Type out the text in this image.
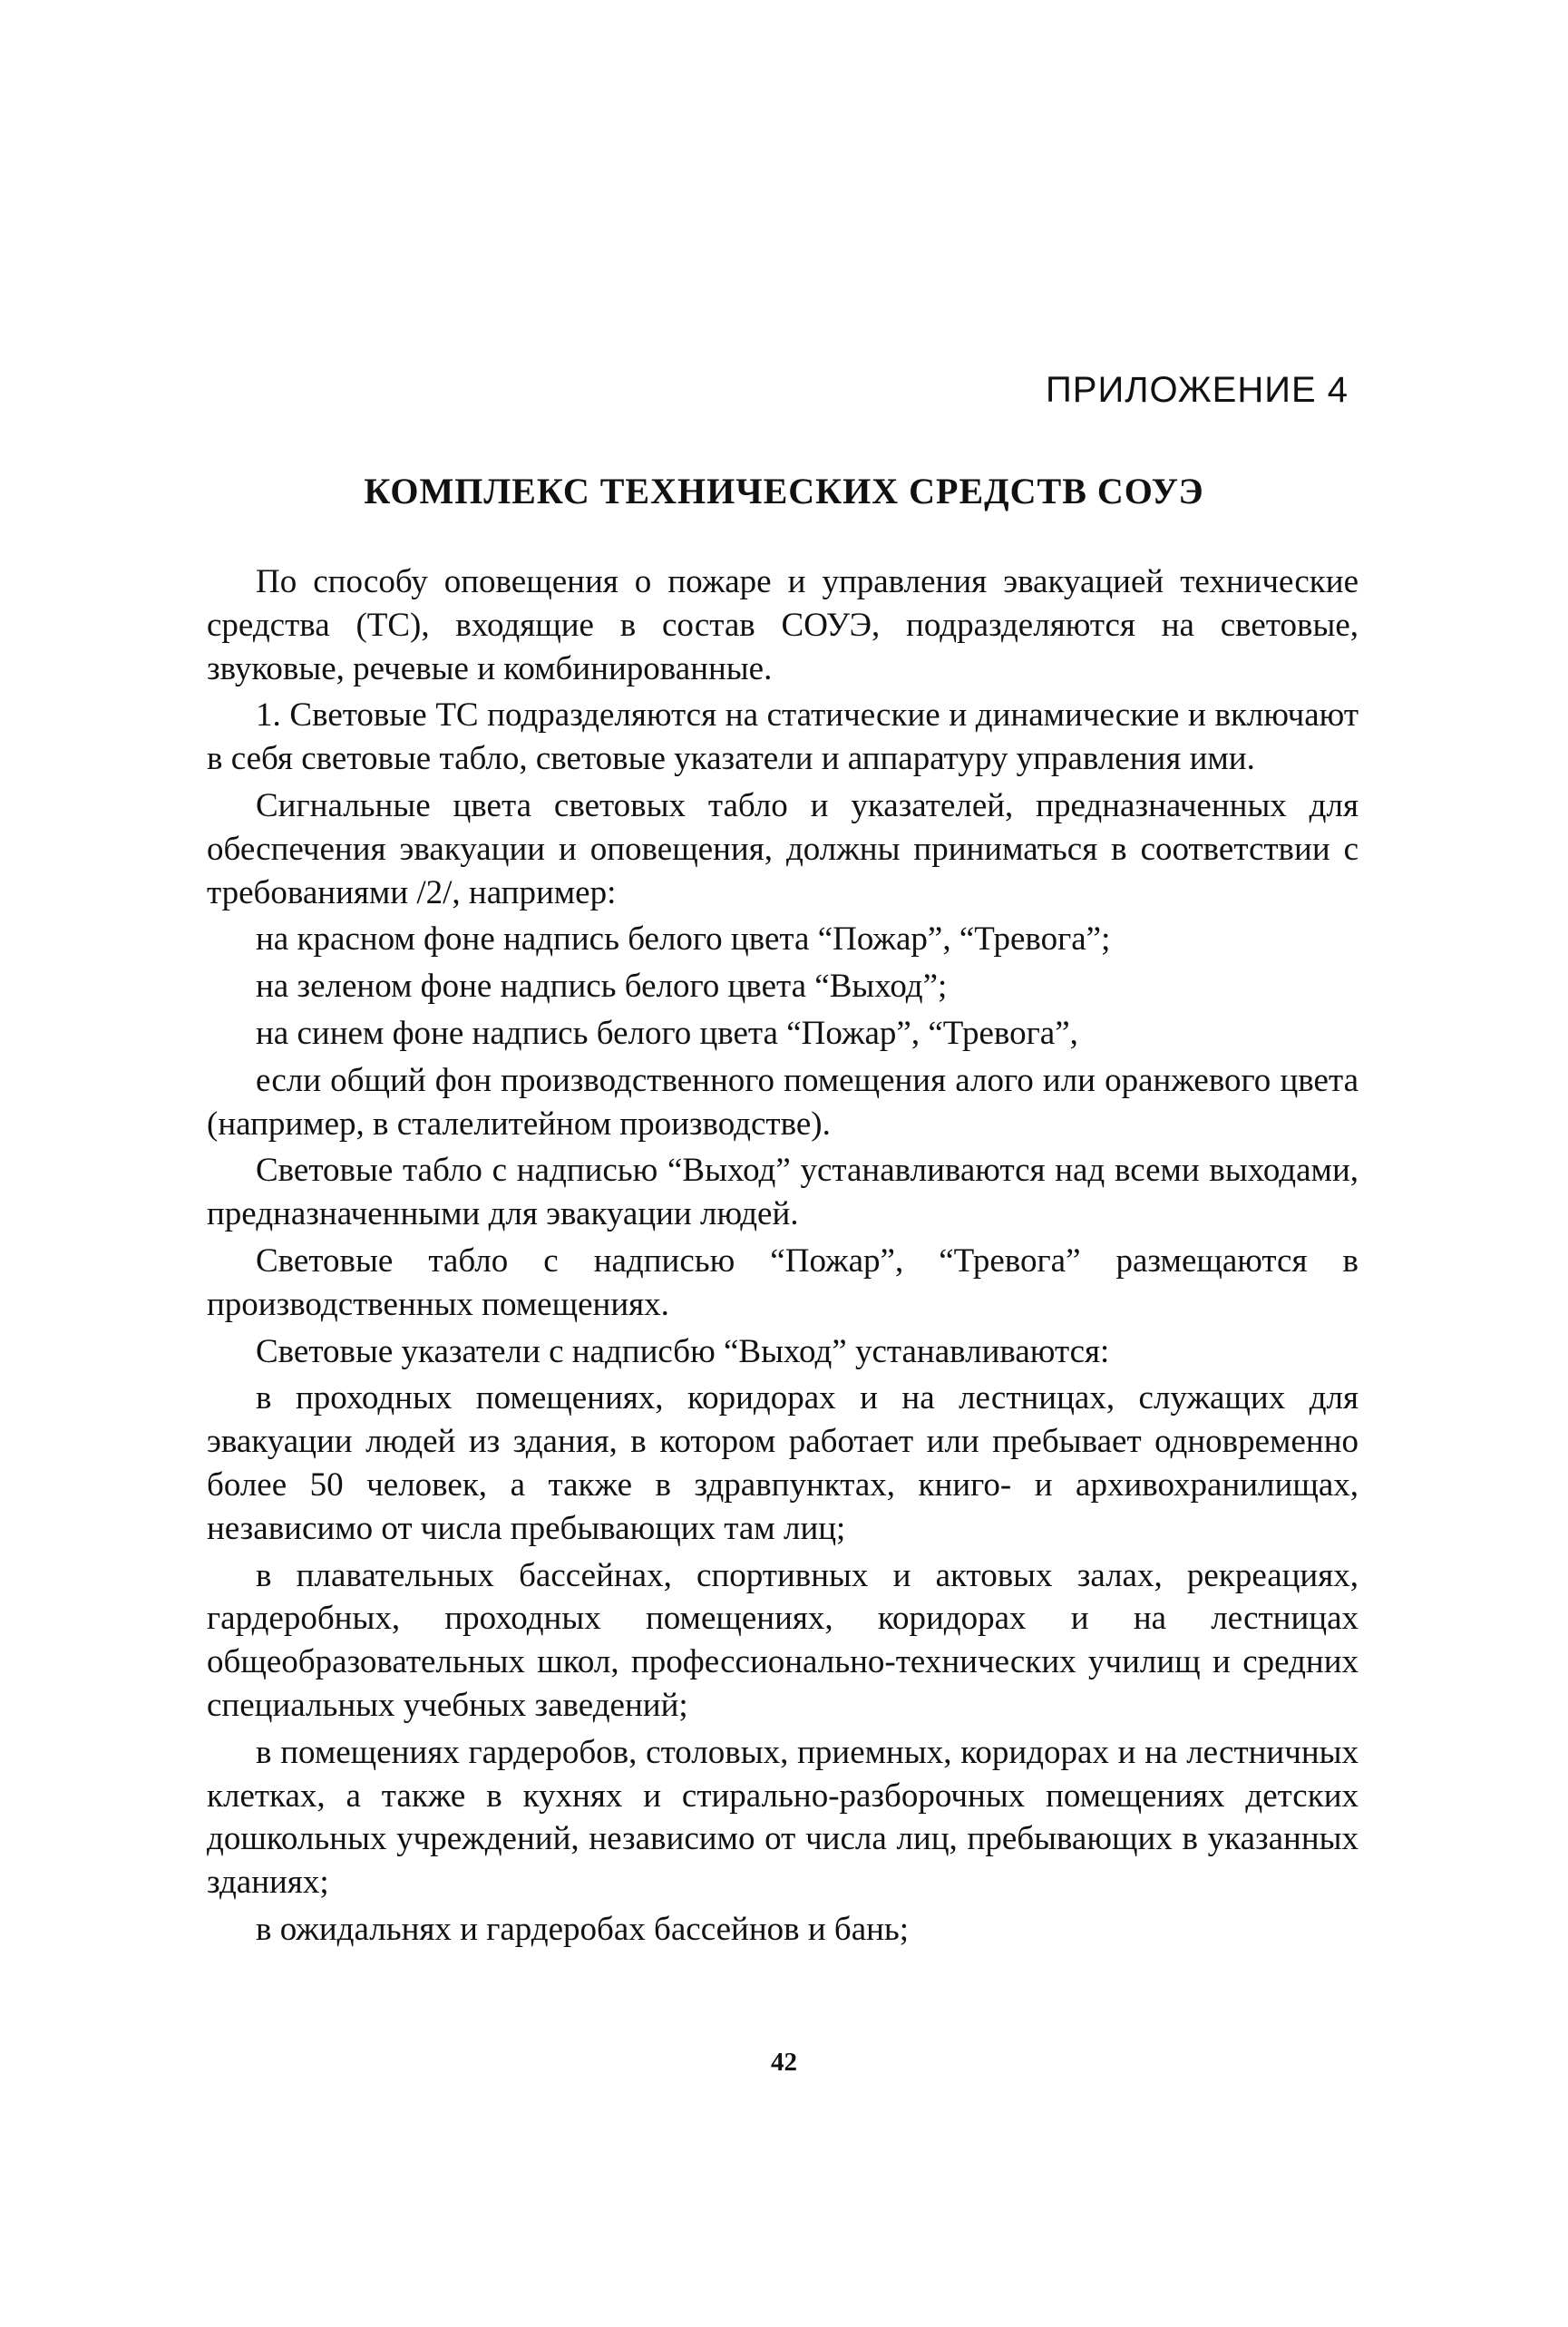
ПРИЛОЖЕНИЕ 4
КОМПЛЕКС ТЕХНИЧЕСКИХ СРЕДСТВ СОУЭ

По способу оповещения о пожаре и управления эвакуацией технические средства (ТС), входящие в состав СОУЭ, подразделяются на световые, звуковые, речевые и комбинированные.

1. Световые ТС подразделяются на статические и динамические и включают в себя световые табло, световые указатели и аппаратуру управления ими.

Сигнальные цвета световых табло и указателей, предназначенных для обеспечения эвакуации и оповещения, должны приниматься в соответствии с требованиями /2/, например:

на красном фоне надпись белого цвета “Пожар”, “Тревога”;

на зеленом фоне надпись белого цвета “Выход”;

на синем фоне надпись белого цвета “Пожар”, “Тревога”,

если общий фон производственного помещения алого или оранжевого цвета (например, в сталелитейном производстве).

Световые табло с надписью “Выход” устанавливаются над всеми выходами, предназначенными для эвакуации людей.

Световые табло с надписью “Пожар”, “Тревога” размещаются в производственных помещениях.

Световые указатели с надписбю “Выход” устанавливаются:

в проходных помещениях, коридорах и на лестницах, служащих для эвакуации людей из здания, в котором работает или пребывает одновременно более 50 человек, а также в здравпунктах, книго- и архивохранилищах, независимо от числа пребывающих там лиц;

в плавательных бассейнах, спортивных и актовых залах, рекреациях, гардеробных, проходных помещениях, коридорах и на лестницах общеобразовательных школ, профессионально-технических училищ и средних специальных учебных заведений;

в помещениях гардеробов, столовых, приемных, коридорах и на лестничных клетках, а также в кухнях и стирально-разборочных помещениях детских дошкольных учреждений, независимо от числа лиц, пребывающих в указанных зданиях;

в ожидальнях и гардеробах бассейнов и бань;

42
